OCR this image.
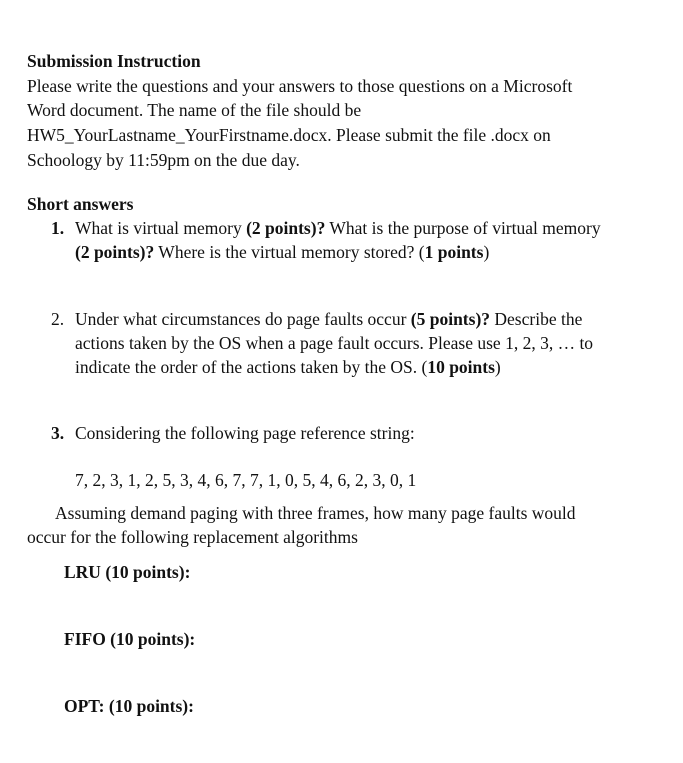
Submission Instruction
Please write the questions and your answers to those questions on a Microsoft
Word document. The name of the file should be
HW5_YourLastname_YourFirstname.docx. Please submit the file .docx on
Schoology by 11:59pm on the due day.
Short answers
1. What is virtual memory (2 points)? What is the purpose of virtual memory
(2 points)? Where is the virtual memory stored? (1 points)
2. Under what circumstances do page faults occur (5 points)? Describe the
actions taken by the OS when a page fault occurs. Please use 1, 2, 3, … to
indicate the order of the actions taken by the OS. (10 points)
3. Considering the following page reference string:
7, 2, 3, 1, 2, 5, 3, 4, 6, 7, 7, 1, 0, 5, 4, 6, 2, 3, 0, 1
Assuming demand paging with three frames, how many page faults would
occur for the following replacement algorithms
LRU (10 points):
FIFO (10 points):
OPT: (10 points):
